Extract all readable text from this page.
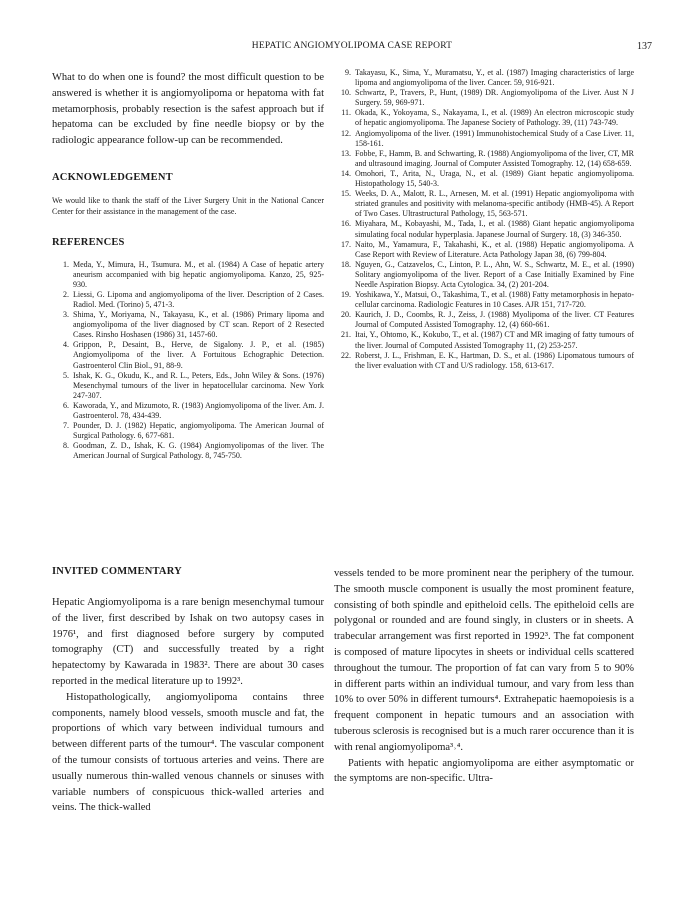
HEPATIC ANGIOMYOLIPOMA CASE REPORT	137

What to do when one is found? the most difficult question to be answered is whether it is angiomyolipoma or hepatoma with fat metamorphosis, probably resection is the safest approach but if hepatoma can be excluded by fine needle biopsy or by the radiologic appearance follow-up can be recommended.

ACKNOWLEDGEMENT

We would like to thank the staff of the Liver Surgery Unit in the National Cancer Center for their assistance in the management of the case.

REFERENCES

1. Meda, Y., Mimura, H., Tsumura. M., et al. (1984) A Case of hepatic artery aneurism accompanied with big hepatic angiomyolipoma. Kanzo, 25, 925-930.
2. Liessi, G. Lipoma and angiomyolipoma of the liver. Description of 2 Cases. Radiol. Med. (Torino) 5, 471-3.
3. Shima, Y., Moriyama, N., Takayasu, K., et al. (1986) Primary lipoma and angiomyolipoma of the liver diagnosed by CT scan. Report of 2 Resected Cases. Rinsho Hoshasen (1986) 31, 1457-60.
4. Grippon, P., Desaint, B., Herve, de Sigalony. J. P., et al. (1985) Angiomyolipoma of the liver. A Fortuitous Echographic Detection. Gastroenterol Clin Biol., 91, 88-9.
5. Ishak, K. G., Okudu, K., and R. L., Peters, Eds., John Wiley & Sons. (1976) Mesenchymal tumours of the liver in hepatocellular carcinoma. New York 247-307.
6. Kaworada, Y., and Mizumoto, R. (1983) Angiomyolipoma of the liver. Am. J. Gastroenterol. 78, 434-439.
7. Pounder, D. J. (1982) Hepatic, angiomyolipoma. The American Journal of Surgical Pathology. 6, 677-681.
8. Goodman, Z. D., Ishak, K. G. (1984) Angiomyolipomas of the liver. The American Journal of Surgical Pathology. 8, 745-750.
9. Takayasu, K., Sima, Y., Muramatsu, Y., et al. (1987) Imaging characteristics of large lipoma and angiomyolipoma of the liver. Cancer. 59, 916-921.
10. Schwartz, P., Travers, P., Hunt, (1989) DR. Angiomyolipoma of the Liver. Aust N J Surgery. 59, 969-971.
11. Okada, K., Yokoyama, S., Nakayama, I., et al. (1989) An electron microscopic study of hepatic angiomyolipoma. The Japanese Society of Pathology. 39, (11) 743-749.
12. Angiomyolipoma of the liver. (1991) Immunohistochemical Study of a Case Liver. 11, 158-161.
13. Fobbe, F., Hamm, B. and Schwarting, R. (1988) Angiomyolipoma of the liver, CT, MR and ultrasound imaging. Journal of Computer Assisted Tomography. 12, (14) 658-659.
14. Omohori, T., Arita, N., Uraga, N., et al. (1989) Giant hepatic angiomyolipoma. Histopathology 15, 540-3.
15. Weeks, D. A., Malott, R. L., Arnesen, M. et al. (1991) Hepatic angiomyolipoma with striated granules and positivity with melanoma-specific antibody (HMB-45). A Report of Two Cases. Ultrastructural Pathology, 15, 563-571.
16. Miyahara, M., Kobayashi, M., Tada, I., et al. (1988) Giant hepatic angiomyolipoma simulating focal nodular hyperplasia. Japanese Journal of Surgery. 18, (3) 346-350.
17. Naito, M., Yamamura, F., Takahashi, K., et al. (1988) Hepatic angiomyolipoma. A Case Report with Review of Literature. Acta Pathology Japan 38, (6) 799-804.
18. Nguyen, G., Catzavelos, C., Linton, P. L., Ahn, W. S., Schwartz, M. E., et al. (1990) Solitary angiomyolipoma of the liver. Report of a Case Initially Examined by Fine Needle Aspiration Biopsy. Acta Cytologica. 34, (2) 201-204.
19. Yoshikawa, Y., Matsui, O., Takashima, T., et al. (1988) Fatty metamorphosis in hepato-cellular carcinoma. Radiologic Features in 10 Cases. AJR 151, 717-720.
20. Kaurich, J. D., Coombs, R. J., Zeiss, J. (1988) Myolipoma of the liver. CT Features Journal of Computed Assisted Tomography. 12, (4) 660-661.
21. Itai, Y., Ohtomo, K., Kokubo, T., et al. (1987) CT and MR imaging of fatty tumours of the liver. Journal of Computed Assisted Tomography 11, (2) 253-257.
22. Roberst, J. L., Frishman, E. K., Hartman, D. S., et al. (1986) Lipomatous tumours of the liver evaluation with CT and U/S radiology. 158, 613-617.

INVITED COMMENTARY

Hepatic Angiomyolipoma is a rare benign mesenchymal tumour of the liver, first described by Ishak on two autopsy cases in 1976¹, and first diagnosed before surgery by computed tomography (CT) and successfully treated by a right hepatectomy by Kawarada in 1983². There are about 30 cases reported in the medical literature up to 1992³.

Histopathologically, angiomyolipoma contains three components, namely blood vessels, smooth muscle and fat, the proportions of which vary between individual tumours and between different parts of the tumour⁴. The vascular component of the tumour consists of tortuous arteries and veins. There are usually numerous thin-walled venous channels or sinuses with variable numbers of conspicuous thick-walled arteries and veins. The thick-walled

vessels tended to be more prominent near the periphery of the tumour. The smooth muscle component is usually the most prominent feature, consisting of both spindle and epitheloid cells. The epitheloid cells are polygonal or rounded and are found singly, in clusters or in sheets. A trabecular arrangement was first reported in 1992³. The fat component is composed of mature lipocytes in sheets or individual cells scattered throughout the tumour. The proportion of fat can vary from 5 to 90% in different parts within an individual tumour, and vary from less than 10% to over 50% in different tumours⁴. Extrahepatic haemopoiesis is a frequent component in hepatic tumours and an association with tuberous sclerosis is recognised but is a much rarer occurence than it is with renal angiomyolipoma³˒⁴.

Patients with hepatic angiomyolipoma are either asymptomatic or the symptoms are non-specific. Ultra-
